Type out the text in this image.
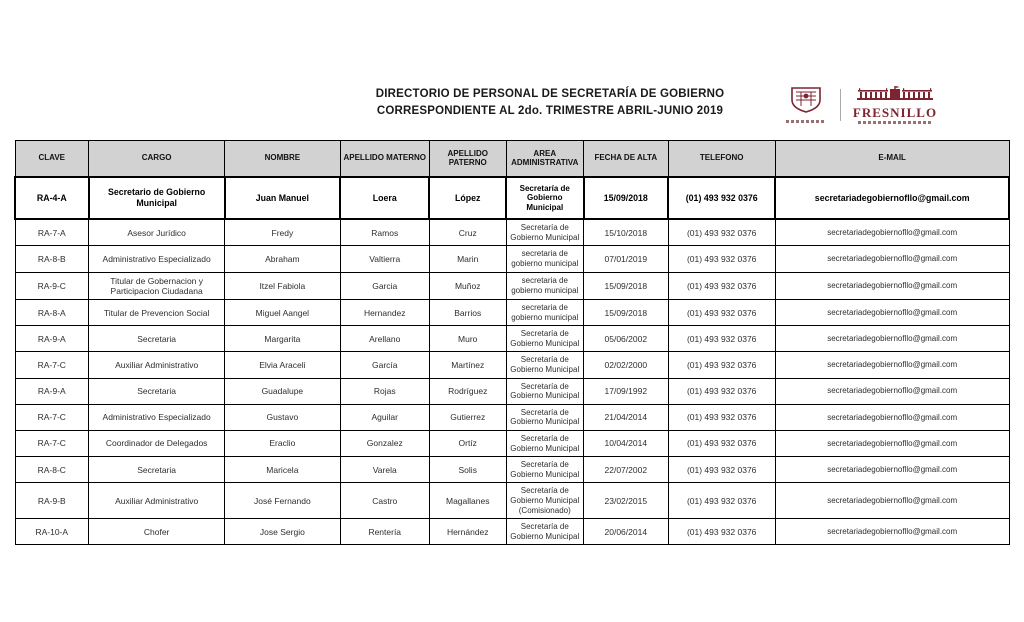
DIRECTORIO DE PERSONAL DE SECRETARÍA DE GOBIERNO
CORRESPONDIENTE AL 2do. TRIMESTRE ABRIL-JUNIO 2019	FRESNILLO
CLAVE	CARGO	NOMBRE	APELLIDO MATERNO	APELLIDO PATERNO	AREA ADMINISTRATIVA	FECHA DE ALTA	TELEFONO	E-MAIL
RA-4-A	Secretario de Gobierno Municipal	Juan Manuel	Loera	López	Secretaría de Gobierno Municipal	15/09/2018	(01) 493 932 0376	secretariadegobiernofllo@gmail.com
RA-7-A	Asesor Jurídico	Fredy	Ramos	Cruz	Secretaría de Gobierno Municipal	15/10/2018	(01) 493 932 0376	secretariadegobiernofllo@gmail.com
RA-8-B	Administrativo Especializado	Abraham	Valtierra	Marin	secretaria de gobierno municipal	07/01/2019	(01) 493 932 0376	secretariadegobiernofllo@gmail.com
RA-9-C	Titular de Gobernacion y Participacion Ciudadana	Itzel Fabiola	Garcia	Muñoz	secretaria de gobierno municipal	15/09/2018	(01) 493 932 0376	secretariadegobiernofllo@gmail.com
RA-8-A	Titular de Prevencion Social	Miguel Aangel	Hernandez	Barrios	secretaria de gobierno municipal	15/09/2018	(01) 493 932 0376	secretariadegobiernofllo@gmail.com
RA-9-A	Secretaria	Margarita	Arellano	Muro	Secretaría de Gobierno Municipal	05/06/2002	(01) 493 932 0376	secretariadegobiernofllo@gmail.com
RA-7-C	Auxiliar Administrativo	Elvia Araceli	García	Martínez	Secretaría de Gobierno Municipal	02/02/2000	(01) 493 932 0376	secretariadegobiernofllo@gmail.com
RA-9-A	Secretaria	Guadalupe	Rojas	Rodríguez	Secretaría de Gobierno Municipal	17/09/1992	(01) 493 932 0376	secretariadegobiernofllo@gmail.com
RA-7-C	Administrativo Especializado	Gustavo	Aguilar	Gutierrez	Secretaría de Gobierno Municipal	21/04/2014	(01) 493 932 0376	secretariadegobiernofllo@gmail.com
RA-7-C	Coordinador de Delegados	Eraclio	Gonzalez	Ortíz	Secretaría de Gobierno Municipal	10/04/2014	(01) 493 932 0376	secretariadegobiernofllo@gmail.com
RA-8-C	Secretaria	Maricela	Varela	Solis	Secretaría de Gobierno Municipal	22/07/2002	(01) 493 932 0376	secretariadegobiernofllo@gmail.com
RA-9-B	Auxiliar Administrativo	José Fernando	Castro	Magallanes	Secretaría de Gobierno Municipal (Comisionado)	23/02/2015	(01) 493 932 0376	secretariadegobiernofllo@gmail.com
RA-10-A	Chofer	Jose Sergio	Rentería	Hernández	Secretaría de Gobierno Municipal	20/06/2014	(01) 493 932 0376	secretariadegobiernofllo@gmail.com
